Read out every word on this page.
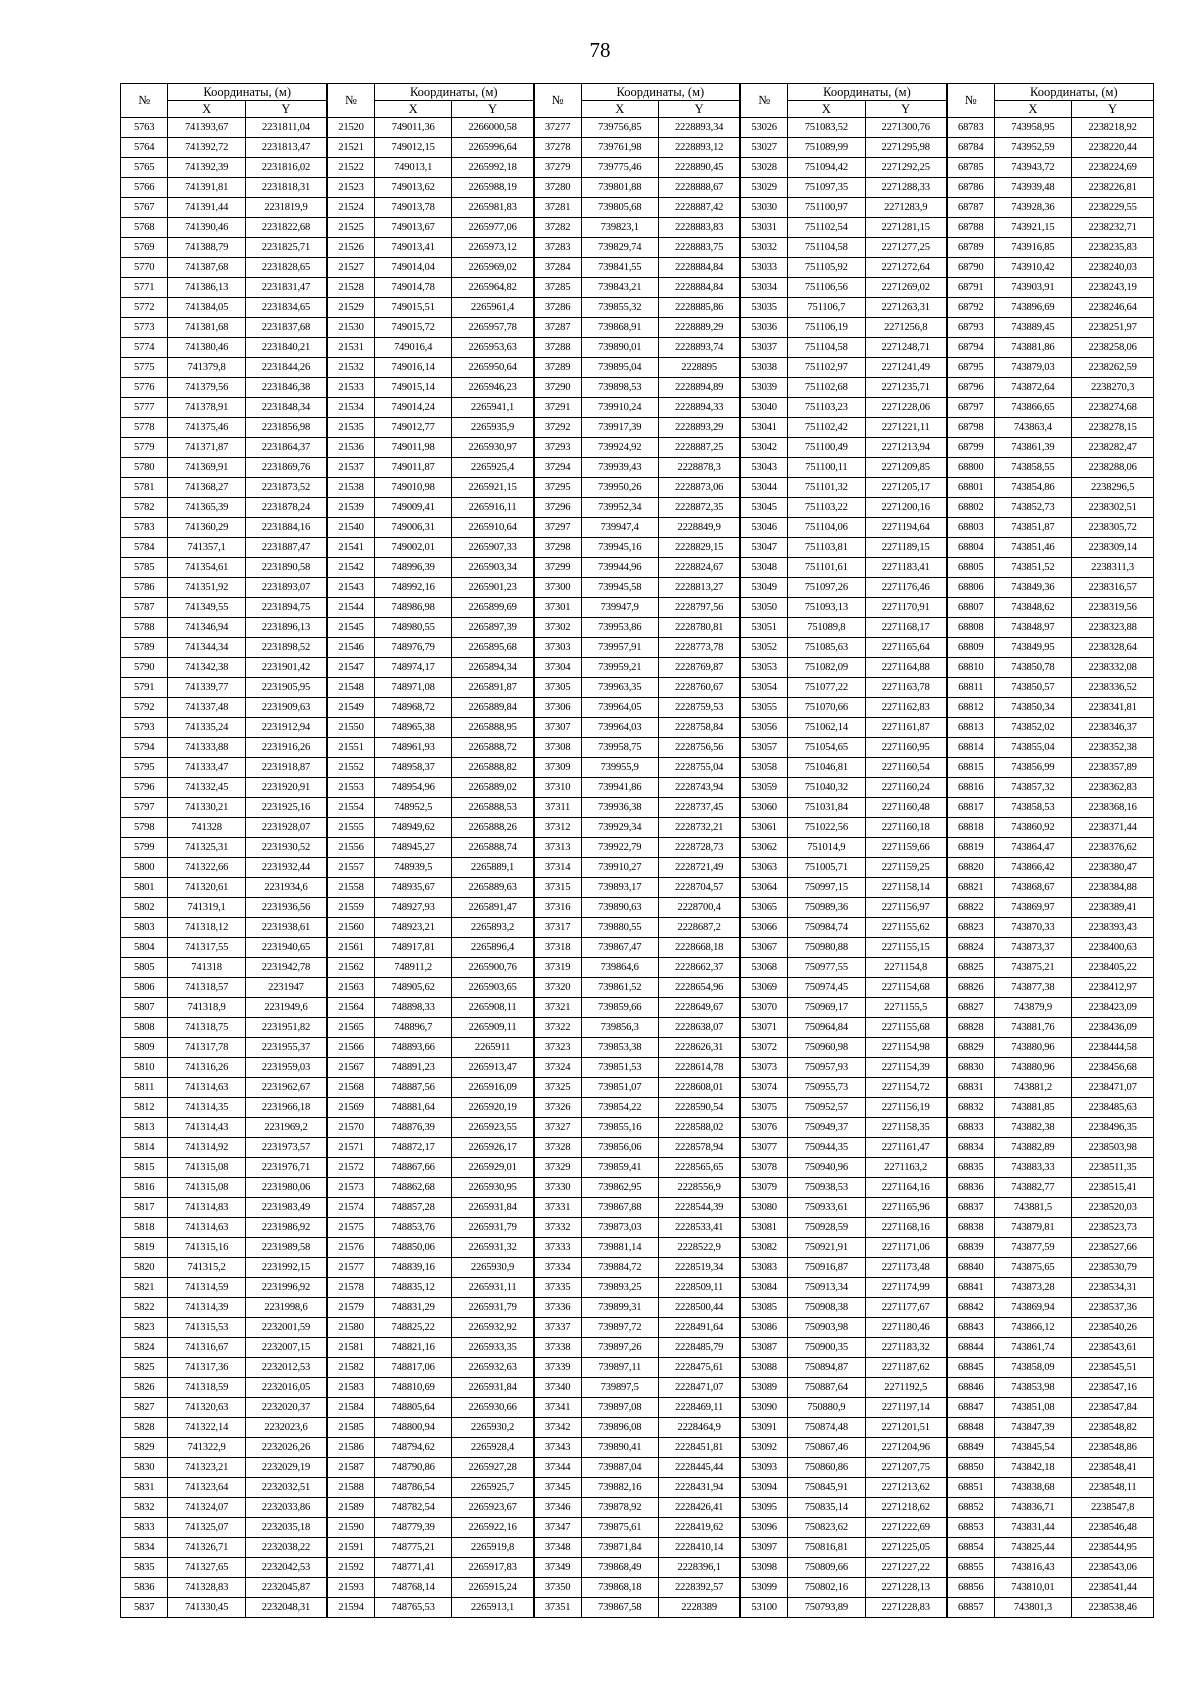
78
№	Координаты, (м)		№	Координаты, (м)		№	Координаты, (м)		№	Координаты, (м)		№	Координаты, (м)	
	X	Y		X	Y		X	Y		X	Y		X	Y
5763	741393,67	2231811,04	21520	749011,36	2266000,58	37277	739756,85	2228893,34	53026	751083,52	2271300,76	68783	743958,95	2238218,92
5764	741392,72	2231813,47	21521	749012,15	2265996,64	37278	739761,98	2228893,12	53027	751089,99	2271295,98	68784	743952,59	2238220,44
5765	741392,39	2231816,02	21522	749013,1	2265992,18	37279	739775,46	2228890,45	53028	751094,42	2271292,25	68785	743943,72	2238224,69
5766	741391,81	2231818,31	21523	749013,62	2265988,19	37280	739801,88	2228888,67	53029	751097,35	2271288,33	68786	743939,48	2238226,81
5767	741391,44	2231819,9	21524	749013,78	2265981,83	37281	739805,68	2228887,42	53030	751100,97	2271283,9	68787	743928,36	2238229,55
5768	741390,46	2231822,68	21525	749013,67	2265977,06	37282	739823,1	2228883,83	53031	751102,54	2271281,15	68788	743921,15	2238232,71
5769	741388,79	2231825,71	21526	749013,41	2265973,12	37283	739829,74	2228883,75	53032	751104,58	2271277,25	68789	743916,85	2238235,83
5770	741387,68	2231828,65	21527	749014,04	2265969,02	37284	739841,55	2228884,84	53033	751105,92	2271272,64	68790	743910,42	2238240,03
5771	741386,13	2231831,47	21528	749014,78	2265964,82	37285	739843,21	2228884,84	53034	751106,56	2271269,02	68791	743903,91	2238243,19
5772	741384,05	2231834,65	21529	749015,51	2265961,4	37286	739855,32	2228885,86	53035	751106,7	2271263,31	68792	743896,69	2238246,64
5773	741381,68	2231837,68	21530	749015,72	2265957,78	37287	739868,91	2228889,29	53036	751106,19	2271256,8	68793	743889,45	2238251,97
5774	741380,46	2231840,21	21531	749016,4	2265953,63	37288	739890,01	2228893,74	53037	751104,58	2271248,71	68794	743881,86	2238258,06
5775	741379,8	2231844,26	21532	749016,14	2265950,64	37289	739895,04	2228895	53038	751102,97	2271241,49	68795	743879,03	2238262,59
5776	741379,56	2231846,38	21533	749015,14	2265946,23	37290	739898,53	2228894,89	53039	751102,68	2271235,71	68796	743872,64	2238270,3
5777	741378,91	2231848,34	21534	749014,24	2265941,1	37291	739910,24	2228894,33	53040	751103,23	2271228,06	68797	743866,65	2238274,68
5778	741375,46	2231856,98	21535	749012,77	2265935,9	37292	739917,39	2228893,29	53041	751102,42	2271221,11	68798	743863,4	2238278,15
5779	741371,87	2231864,37	21536	749011,98	2265930,97	37293	739924,92	2228887,25	53042	751100,49	2271213,94	68799	743861,39	2238282,47
5780	741369,91	2231869,76	21537	749011,87	2265925,4	37294	739939,43	2228878,3	53043	751100,11	2271209,85	68800	743858,55	2238288,06
5781	741368,27	2231873,52	21538	749010,98	2265921,15	37295	739950,26	2228873,06	53044	751101,32	2271205,17	68801	743854,86	2238296,5
5782	741365,39	2231878,24	21539	749009,41	2265916,11	37296	739952,34	2228872,35	53045	751103,22	2271200,16	68802	743852,73	2238302,51
5783	741360,29	2231884,16	21540	749006,31	2265910,64	37297	739947,4	2228849,9	53046	751104,06	2271194,64	68803	743851,87	2238305,72
5784	741357,1	2231887,47	21541	749002,01	2265907,33	37298	739945,16	2228829,15	53047	751103,81	2271189,15	68804	743851,46	2238309,14
5785	741354,61	2231890,58	21542	748996,39	2265903,34	37299	739944,96	2228824,67	53048	751101,61	2271183,41	68805	743851,52	2238311,3
5786	741351,92	2231893,07	21543	748992,16	2265901,23	37300	739945,58	2228813,27	53049	751097,26	2271176,46	68806	743849,36	2238316,57
5787	741349,55	2231894,75	21544	748986,98	2265899,69	37301	739947,9	2228797,56	53050	751093,13	2271170,91	68807	743848,62	2238319,56
5788	741346,94	2231896,13	21545	748980,55	2265897,39	37302	739953,86	2228780,81	53051	751089,8	2271168,17	68808	743848,97	2238323,88
5789	741344,34	2231898,52	21546	748976,79	2265895,68	37303	739957,91	2228773,78	53052	751085,63	2271165,64	68809	743849,95	2238328,64
5790	741342,38	2231901,42	21547	748974,17	2265894,34	37304	739959,21	2228769,87	53053	751082,09	2271164,88	68810	743850,78	2238332,08
5791	741339,77	2231905,95	21548	748971,08	2265891,87	37305	739963,35	2228760,67	53054	751077,22	2271163,78	68811	743850,57	2238336,52
5792	741337,48	2231909,63	21549	748968,72	2265889,84	37306	739964,05	2228759,53	53055	751070,66	2271162,83	68812	743850,34	2238341,81
5793	741335,24	2231912,94	21550	748965,38	2265888,95	37307	739964,03	2228758,84	53056	751062,14	2271161,87	68813	743852,02	2238346,37
5794	741333,88	2231916,26	21551	748961,93	2265888,72	37308	739958,75	2228756,56	53057	751054,65	2271160,95	68814	743855,04	2238352,38
5795	741333,47	2231918,87	21552	748958,37	2265888,82	37309	739955,9	2228755,04	53058	751046,81	2271160,54	68815	743856,99	2238357,89
5796	741332,45	2231920,91	21553	748954,96	2265889,02	37310	739941,86	2228743,94	53059	751040,32	2271160,24	68816	743857,32	2238362,83
5797	741330,21	2231925,16	21554	748952,5	2265888,53	37311	739936,38	2228737,45	53060	751031,84	2271160,48	68817	743858,53	2238368,16
5798	741328	2231928,07	21555	748949,62	2265888,26	37312	739929,34	2228732,21	53061	751022,56	2271160,18	68818	743860,92	2238371,44
5799	741325,31	2231930,52	21556	748945,27	2265888,74	37313	739922,79	2228728,73	53062	751014,9	2271159,66	68819	743864,47	2238376,62
5800	741322,66	2231932,44	21557	748939,5	2265889,1	37314	739910,27	2228721,49	53063	751005,71	2271159,25	68820	743866,42	2238380,47
5801	741320,61	2231934,6	21558	748935,67	2265889,63	37315	739893,17	2228704,57	53064	750997,15	2271158,14	68821	743868,67	2238384,88
5802	741319,1	2231936,56	21559	748927,93	2265891,47	37316	739890,63	2228700,4	53065	750989,36	2271156,97	68822	743869,97	2238389,41
5803	741318,12	2231938,61	21560	748923,21	2265893,2	37317	739880,55	2228687,2	53066	750984,74	2271155,62	68823	743870,33	2238393,43
5804	741317,55	2231940,65	21561	748917,81	2265896,4	37318	739867,47	2228668,18	53067	750980,88	2271155,15	68824	743873,37	2238400,63
5805	741318	2231942,78	21562	748911,2	2265900,76	37319	739864,6	2228662,37	53068	750977,55	2271154,8	68825	743875,21	2238405,22
5806	741318,57	2231947	21563	748905,62	2265903,65	37320	739861,52	2228654,96	53069	750974,45	2271154,68	68826	743877,38	2238412,97
5807	741318,9	2231949,6	21564	748898,33	2265908,11	37321	739859,66	2228649,67	53070	750969,17	2271155,5	68827	743879,9	2238423,09
5808	741318,75	2231951,82	21565	748896,7	2265909,11	37322	739856,3	2228638,07	53071	750964,84	2271155,68	68828	743881,76	2238436,09
5809	741317,78	2231955,37	21566	748893,66	2265911	37323	739853,38	2228626,31	53072	750960,98	2271154,98	68829	743880,96	2238444,58
5810	741316,26	2231959,03	21567	748891,23	2265913,47	37324	739851,53	2228614,78	53073	750957,93	2271154,39	68830	743880,96	2238456,68
5811	741314,63	2231962,67	21568	748887,56	2265916,09	37325	739851,07	2228608,01	53074	750955,73	2271154,72	68831	743881,2	2238471,07
5812	741314,35	2231966,18	21569	748881,64	2265920,19	37326	739854,22	2228590,54	53075	750952,57	2271156,19	68832	743881,85	2238485,63
5813	741314,43	2231969,2	21570	748876,39	2265923,55	37327	739855,16	2228588,02	53076	750949,37	2271158,35	68833	743882,38	2238496,35
5814	741314,92	2231973,57	21571	748872,17	2265926,17	37328	739856,06	2228578,94	53077	750944,35	2271161,47	68834	743882,89	2238503,98
5815	741315,08	2231976,71	21572	748867,66	2265929,01	37329	739859,41	2228565,65	53078	750940,96	2271163,2	68835	743883,33	2238511,35
5816	741315,08	2231980,06	21573	748862,68	2265930,95	37330	739862,95	2228556,9	53079	750938,53	2271164,16	68836	743882,77	2238515,41
5817	741314,83	2231983,49	21574	748857,28	2265931,84	37331	739867,88	2228544,39	53080	750933,61	2271165,96	68837	743881,5	2238520,03
5818	741314,63	2231986,92	21575	748853,76	2265931,79	37332	739873,03	2228533,41	53081	750928,59	2271168,16	68838	743879,81	2238523,73
5819	741315,16	2231989,58	21576	748850,06	2265931,32	37333	739881,14	2228522,9	53082	750921,91	2271171,06	68839	743877,59	2238527,66
5820	741315,2	2231992,15	21577	748839,16	2265930,9	37334	739884,72	2228519,34	53083	750916,87	2271173,48	68840	743875,65	2238530,79
5821	741314,59	2231996,92	21578	748835,12	2265931,11	37335	739893,25	2228509,11	53084	750913,34	2271174,99	68841	743873,28	2238534,31
5822	741314,39	2231998,6	21579	748831,29	2265931,79	37336	739899,31	2228500,44	53085	750908,38	2271177,67	68842	743869,94	2238537,36
5823	741315,53	2232001,59	21580	748825,22	2265932,92	37337	739897,72	2228491,64	53086	750903,98	2271180,46	68843	743866,12	2238540,26
5824	741316,67	2232007,15	21581	748821,16	2265933,35	37338	739897,26	2228485,79	53087	750900,35	2271183,32	68844	743861,74	2238543,61
5825	741317,36	2232012,53	21582	748817,06	2265932,63	37339	739897,11	2228475,61	53088	750894,87	2271187,62	68845	743858,09	2238545,51
5826	741318,59	2232016,05	21583	748810,69	2265931,84	37340	739897,5	2228471,07	53089	750887,64	2271192,5	68846	743853,98	2238547,16
5827	741320,63	2232020,37	21584	748805,64	2265930,66	37341	739897,08	2228469,11	53090	750880,9	2271197,14	68847	743851,08	2238547,84
5828	741322,14	2232023,6	21585	748800,94	2265930,2	37342	739896,08	2228464,9	53091	750874,48	2271201,51	68848	743847,39	2238548,82
5829	741322,9	2232026,26	21586	748794,62	2265928,4	37343	739890,41	2228451,81	53092	750867,46	2271204,96	68849	743845,54	2238548,86
5830	741323,21	2232029,19	21587	748790,86	2265927,28	37344	739887,04	2228445,44	53093	750860,86	2271207,75	68850	743842,18	2238548,41
5831	741323,64	2232032,51	21588	748786,54	2265925,7	37345	739882,16	2228431,94	53094	750845,91	2271213,62	68851	743838,68	2238548,11
5832	741324,07	2232033,86	21589	748782,54	2265923,67	37346	739878,92	2228426,41	53095	750835,14	2271218,62	68852	743836,71	2238547,8
5833	741325,07	2232035,18	21590	748779,39	2265922,16	37347	739875,61	2228419,62	53096	750823,62	2271222,69	68853	743831,44	2238546,48
5834	741326,71	2232038,22	21591	748775,21	2265919,8	37348	739871,84	2228410,14	53097	750816,81	2271225,05	68854	743825,44	2238544,95
5835	741327,65	2232042,53	21592	748771,41	2265917,83	37349	739868,49	2228396,1	53098	750809,66	2271227,22	68855	743816,43	2238543,06
5836	741328,83	2232045,87	21593	748768,14	2265915,24	37350	739868,18	2228392,57	53099	750802,16	2271228,13	68856	743810,01	2238541,44
5837	741330,45	2232048,31	21594	748765,53	2265913,1	37351	739867,58	2228389	53100	750793,89	2271228,83	68857	743801,3	2238538,46
